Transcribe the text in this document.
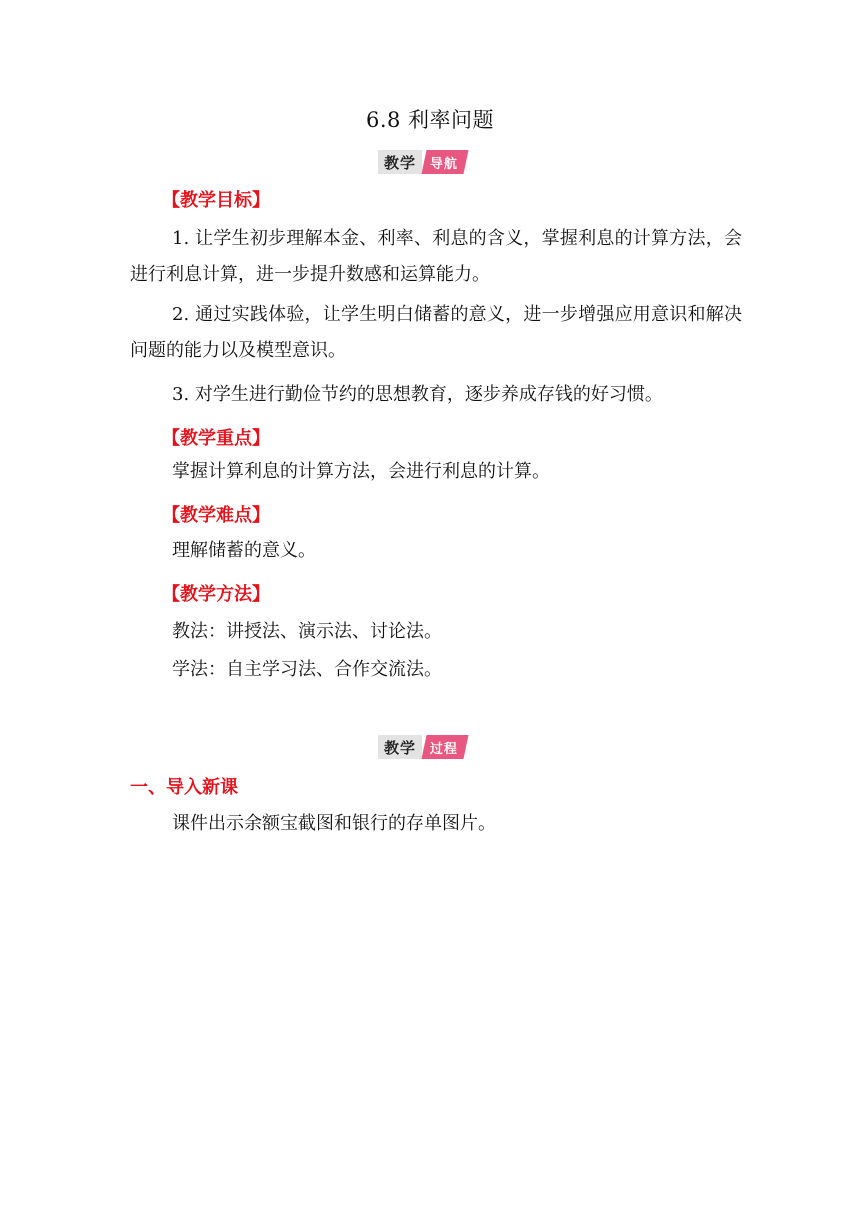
6.8 利率问题
教学	导航
【教学目标】
1. 让学生初步理解本金、利率、利息的含义，掌握利息的计算方法，会进行利息计算，进一步提升数感和运算能力。
2. 通过实践体验，让学生明白储蓄的意义，进一步增强应用意识和解决问题的能力以及模型意识。
3. 对学生进行勤俭节约的思想教育，逐步养成存钱的好习惯。
【教学重点】
掌握计算利息的计算方法，会进行利息的计算。
【教学难点】
理解储蓄的意义。
【教学方法】
教法：讲授法、演示法、讨论法。
学法：自主学习法、合作交流法。
教学	过程
一、导入新课
课件出示余额宝截图和银行的存单图片。
